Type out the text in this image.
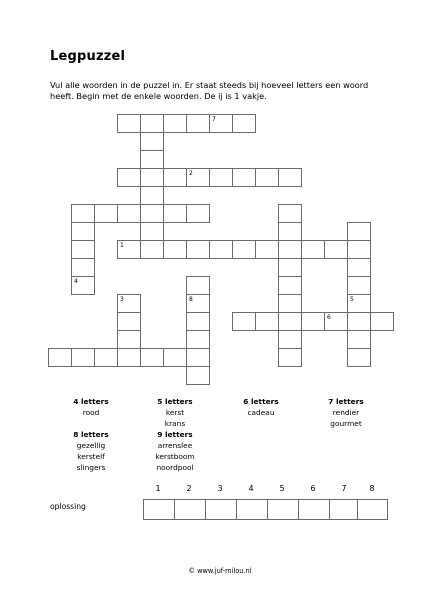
Legpuzzel
Vul alle woorden in de puzzel in. Er staat steeds bij hoeveel letters een woord
heeft. Begin met de enkele woorden. De ij is 1 vakje.
1
2
3
4
5
6
7
8
4 letters
rood
5 letters
kerst
krans
6 letters
cadeau
7 letters
rendier
gourmet
8 letters
gezellig
kerstelf
slingers
9 letters
arrenslee
kerstboom
noordpool
oplossing
1	2	3	4	5	6	7	8
© www.juf-milou.nl
